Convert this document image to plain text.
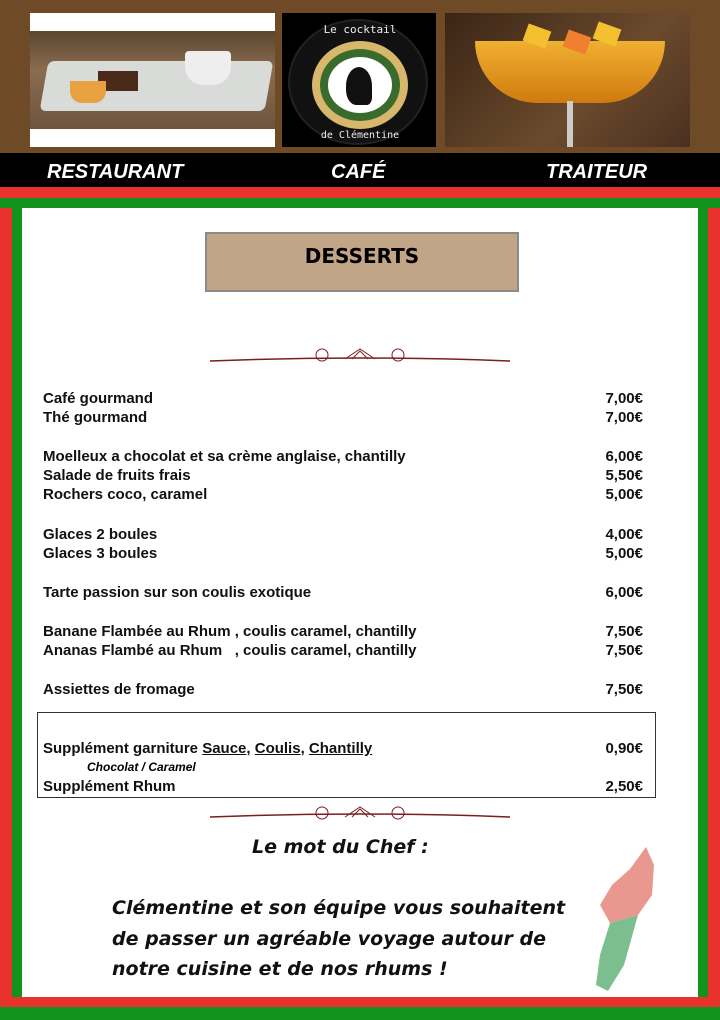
Le cocktail
de Clémentine
RESTAURANT	CAFÉ	TRAITEUR
DESSERTS
Café gourmand	7,00€
Thé gourmand	7,00€
Moelleux a chocolat et sa crème anglaise, chantilly	6,00€
Salade de fruits frais	5,50€
Rochers coco, caramel	5,00€
Glaces 2 boules	4,00€
Glaces 3 boules	5,00€
Tarte passion sur son coulis exotique	6,00€
Banane Flambée au Rhum , coulis caramel, chantilly	7,50€
Ananas Flambé au Rhum   , coulis caramel, chantilly	7,50€
Assiettes de fromage	7,50€
Supplément garniture Sauce, Coulis, Chantilly	0,90€
Chocolat / Caramel
Supplément Rhum	2,50€
Le mot du Chef :
Clémentine et son équipe vous souhaitent
de passer un agréable voyage autour de
notre cuisine et de nos rhums !
